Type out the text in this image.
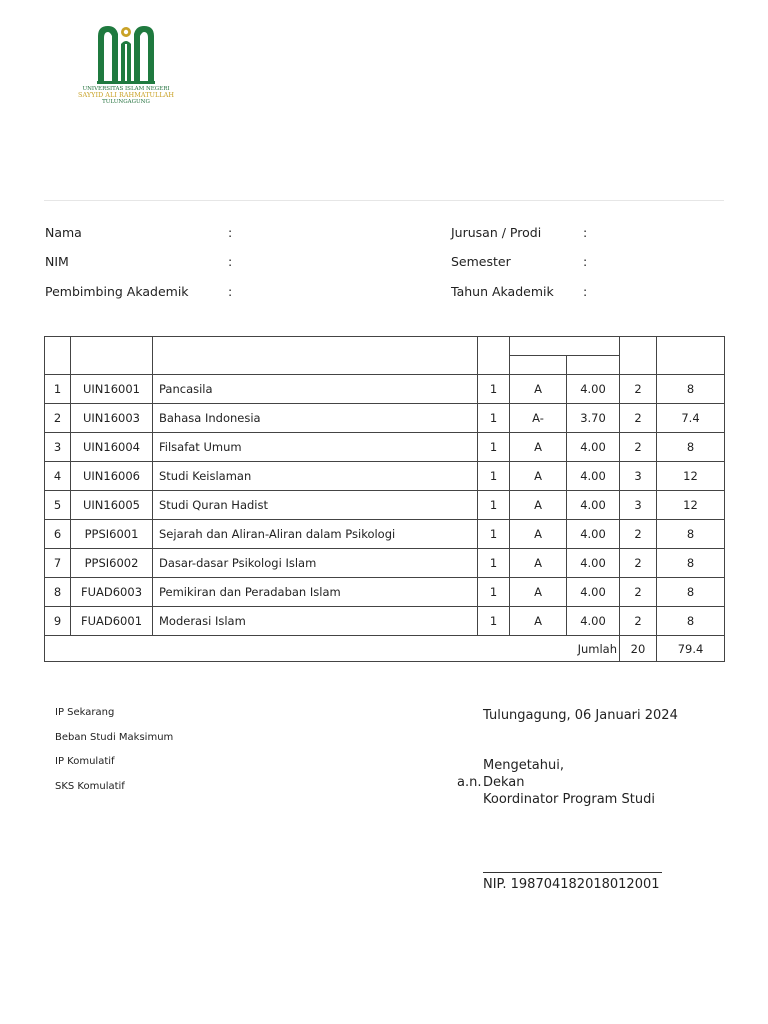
UNIVERSITAS ISLAM NEGERI
SAYYID ALI RAHMATULLAH
TULUNGAGUNG
Nama	:
NIM	:
Pembimbing Akademik	:
Jurusan / Prodi	:
Semester	:
Tahun Akademik :

1	UIN16001	Pancasila	1	A	4.00	2	8
2	UIN16003	Bahasa Indonesia	1	A-	3.70	2	7.4
3	UIN16004	Filsafat Umum	1	A	4.00	2	8
4	UIN16006	Studi Keislaman	1	A	4.00	3	12
5	UIN16005	Studi Quran Hadist	1	A	4.00	3	12
6	PPSI6001	Sejarah dan Aliran-Aliran dalam Psikologi	1	A	4.00	2	8
7	PPSI6002	Dasar-dasar Psikologi Islam	1	A	4.00	2	8
8	FUAD6003	Pemikiran dan Peradaban Islam	1	A	4.00	2	8
9	FUAD6001	Moderasi Islam	1	A	4.00	2	8
Jumlah						20	79.4
IP Sekarang
Beban Studi Maksimum
IP Komulatif
SKS Komulatif
Tulungagung, 06 Januari 2024
Mengetahui,
a.n. Dekan
Koordinator Program Studi
NIP. 198704182018012001
